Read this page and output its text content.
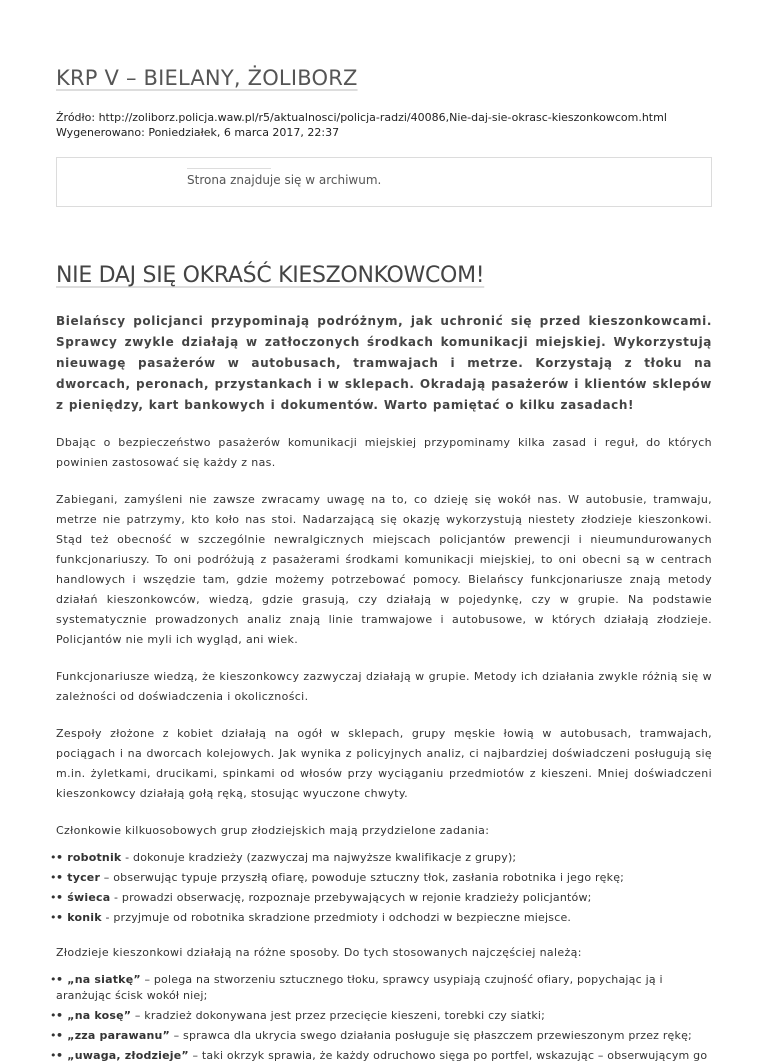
KRP V – BIELANY, ŻOLIBORZ
Źródło: http://zoliborz.policja.waw.pl/r5/aktualnosci/policja-radzi/40086,Nie-daj-sie-okrasc-kieszonkowcom.html
Wygenerowano: Poniedziałek, 6 marca 2017, 22:37
Strona znajduje się w archiwum.
NIE DAJ SIĘ OKRAŚĆ KIESZONKOWCOM!

Bielańscy policjanci przypominają podróżnym, jak uchronić się przed kieszonkowcami. Sprawcy zwykle działają w zatłoczonych środkach komunikacji miejskiej. Wykorzystują nieuwagę pasażerów w autobusach, tramwajach i metrze. Korzystają z tłoku na dworcach, peronach, przystankach i w sklepach. Okradają pasażerów i klientów sklepów z pieniędzy, kart bankowych i dokumentów. Warto pamiętać o kilku zasadach!

Dbając o bezpieczeństwo pasażerów komunikacji miejskiej przypominamy kilka zasad i reguł, do których powinien zastosować się każdy z nas.

Zabiegani, zamyśleni nie zawsze zwracamy uwagę na to, co dzieję się wokół nas. W autobusie, tramwaju, metrze nie patrzymy, kto koło nas stoi. Nadarzającą się okazję wykorzystują niestety złodzieje kieszonkowi. Stąd też obecność w szczególnie newralgicznych miejscach policjantów prewencji i nieumundurowanych funkcjonariuszy. To oni podróżują z pasażerami środkami komunikacji miejskiej, to oni obecni są w centrach handlowych i wszędzie tam, gdzie możemy potrzebować pomocy. Bielańscy funkcjonariusze znają metody działań kieszonkowców, wiedzą, gdzie grasują, czy działają w pojedynkę, czy w grupie. Na podstawie systematycznie prowadzonych analiz znają linie tramwajowe i autobusowe, w których działają złodzieje. Policjantów nie myli ich wygląd, ani wiek.

Funkcjonariusze wiedzą, że kieszonkowcy zazwyczaj działają w grupie. Metody ich działania zwykle różnią się w zależności od doświadczenia i okoliczności.

Zespoły złożone z kobiet działają na ogół w sklepach, grupy męskie łowią w autobusach, tramwajach, pociągach i na dworcach kolejowych. Jak wynika z policyjnych analiz, ci najbardziej doświadczeni posługują się m.in. żyletkami, drucikami, spinkami od włosów przy wyciąganiu przedmiotów z kieszeni. Mniej doświadczeni kieszonkowcy działają gołą ręką, stosując wyuczone chwyty.

Członkowie kilkuosobowych grup złodziejskich mają przydzielone zadania:

• • robotnik - dokonuje kradzieży (zazwyczaj ma najwyższe kwalifikacje z grupy);
• • tycer – obserwując typuje przyszłą ofiarę, powoduje sztuczny tłok, zasłania robotnika i jego rękę;
• • świeca - prowadzi obserwację, rozpoznaje przebywających w rejonie kradzieży policjantów;
• • konik - przyjmuje od robotnika skradzione przedmioty i odchodzi w bezpieczne miejsce.

Złodzieje kieszonkowi działają na różne sposoby. Do tych stosowanych najczęściej należą:

• • „na siatkę” – polega na stworzeniu sztucznego tłoku, sprawcy usypiają czujność ofiary, popychając ją i aranżując ścisk wokół niej;
• • „na kosę” – kradzież dokonywana jest przez przecięcie kieszeni, torebki czy siatki;
• • „zza parawanu” – sprawca dla ukrycia swego działania posługuje się płaszczem przewieszonym przez rękę;
• • „uwaga, złodzieje” – taki okrzyk sprawia, że każdy odruchowo sięga po portfel, wskazując – obserwującym go
